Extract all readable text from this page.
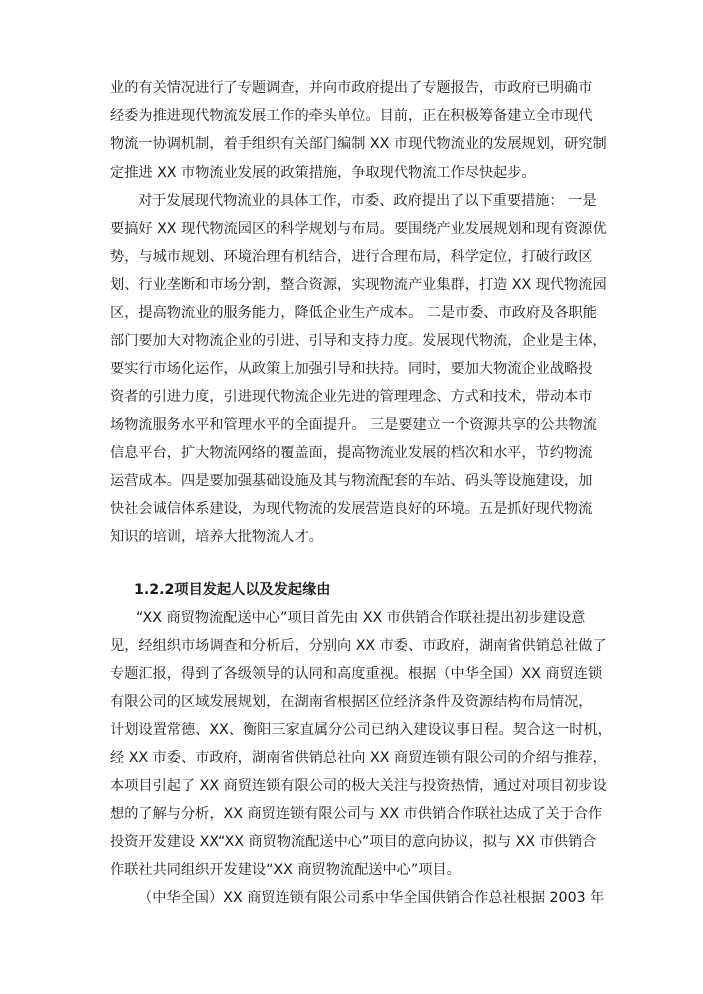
业的有关情况进行了专题调查，并向市政府提出了专题报告，市政府已明确市
经委为推进现代物流发展工作的牵头单位。目前，正在积极筹备建立全市现代
物流一协调机制，着手组织有关部门编制 XX 市现代物流业的发展规划，研究制
定推进 XX 市物流业发展的政策措施，争取现代物流工作尽快起步。
对于发展现代物流业的具体工作，市委、政府提出了以下重要措施： 一是
要搞好 XX 现代物流园区的科学规划与布局。要围绕产业发展规划和现有资源优
势，与城市规划、环境治理有机结合，进行合理布局，科学定位，打破行政区
划、行业垄断和市场分割，整合资源，实现物流产业集群，打造 XX 现代物流园
区，提高物流业的服务能力，降低企业生产成本。 二是市委、市政府及各职能
部门要加大对物流企业的引进、引导和支持力度。发展现代物流，企业是主体，
要实行市场化运作，从政策上加强引导和扶持。同时，要加大物流企业战略投
资者的引进力度，引进现代物流企业先进的管理理念、方式和技术，带动本市
场物流服务水平和管理水平的全面提升。 三是要建立一个资源共享的公共物流
信息平台，扩大物流网络的覆盖面，提高物流业发展的档次和水平，节约物流
运营成本。四是要加强基础设施及其与物流配套的车站、码头等设施建设，加
快社会诚信体系建设，为现代物流的发展营造良好的环境。五是抓好现代物流
知识的培训，培养大批物流人才。
1.2.2项目发起人以及发起缘由
“XX 商贸物流配送中心”项目首先由 XX 市供销合作联社提出初步建设意
见，经组织市场调查和分析后，分别向 XX 市委、市政府，湖南省供销总社做了
专题汇报，得到了各级领导的认同和高度重视。根据（中华全国）XX 商贸连锁
有限公司的区域发展规划，在湖南省根据区位经济条件及资源结构布局情况，
计划设置常德、XX、衡阳三家直属分公司已纳入建设议事日程。契合这一时机，
经 XX 市委、市政府，湖南省供销总社向 XX 商贸连锁有限公司的介绍与推荐，
本项目引起了 XX 商贸连锁有限公司的极大关注与投资热情，通过对项目初步设
想的了解与分析，XX 商贸连锁有限公司与 XX 市供销合作联社达成了关于合作
投资开发建设 XX“XX 商贸物流配送中心”项目的意向协议，拟与 XX 市供销合
作联社共同组织开发建设“XX 商贸物流配送中心”项目。
（中华全国）XX 商贸连锁有限公司系中华全国供销合作总社根据 2003 年
